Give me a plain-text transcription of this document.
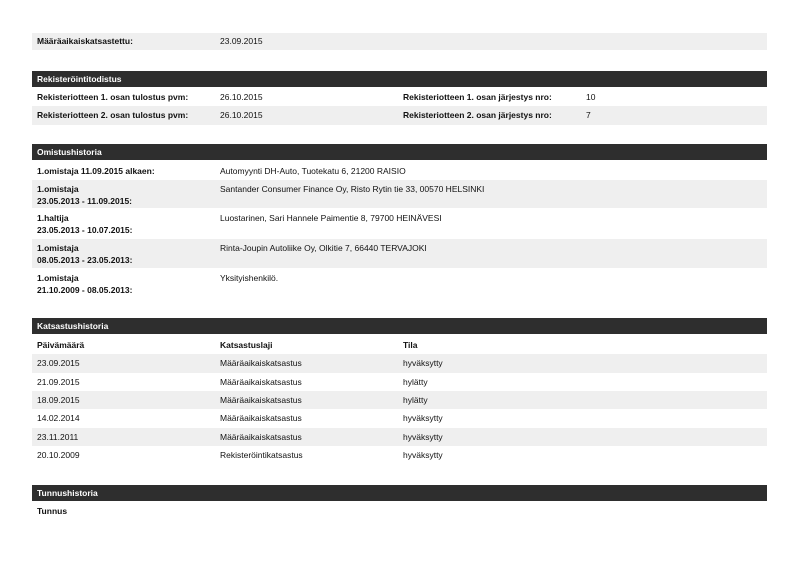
Määräaikaiskatsastettu:	23.09.2015
Rekisteröintitodistus
Rekisteriotteen 1. osan tulostus pvm:	26.10.2015	Rekisteriotteen 1. osan järjestys nro:	10
Rekisteriotteen 2. osan tulostus pvm:	26.10.2015	Rekisteriotteen 2. osan järjestys nro:	7
Omistushistoria
1.omistaja 11.09.2015 alkaen:	Automyynti DH-Auto, Tuotekatu 6, 21200 RAISIO
1.omistaja
23.05.2013 - 11.09.2015:
Santander Consumer Finance Oy, Risto Rytin tie 33, 00570 HELSINKI
1.haltija
23.05.2013 - 10.07.2015:
Luostarinen, Sari Hannele Paimentie 8, 79700 HEINÄVESI
1.omistaja
08.05.2013 - 23.05.2013:
Rinta-Joupin Autoliike Oy, Olkitie 7, 66440 TERVAJOKI
1.omistaja
21.10.2009 - 08.05.2013:
Yksityishenkilö.
Katsastushistoria
Päivämäärä	Katsastuslaji	Tila
23.09.2015	Määräaikaiskatsastus	hyväksytty
21.09.2015	Määräaikaiskatsastus	hylätty
18.09.2015	Määräaikaiskatsastus	hylätty
14.02.2014	Määräaikaiskatsastus	hyväksytty
23.11.2011	Määräaikaiskatsastus	hyväksytty
20.10.2009	Rekisteröintikatsastus	hyväksytty
Tunnushistoria
Tunnus
